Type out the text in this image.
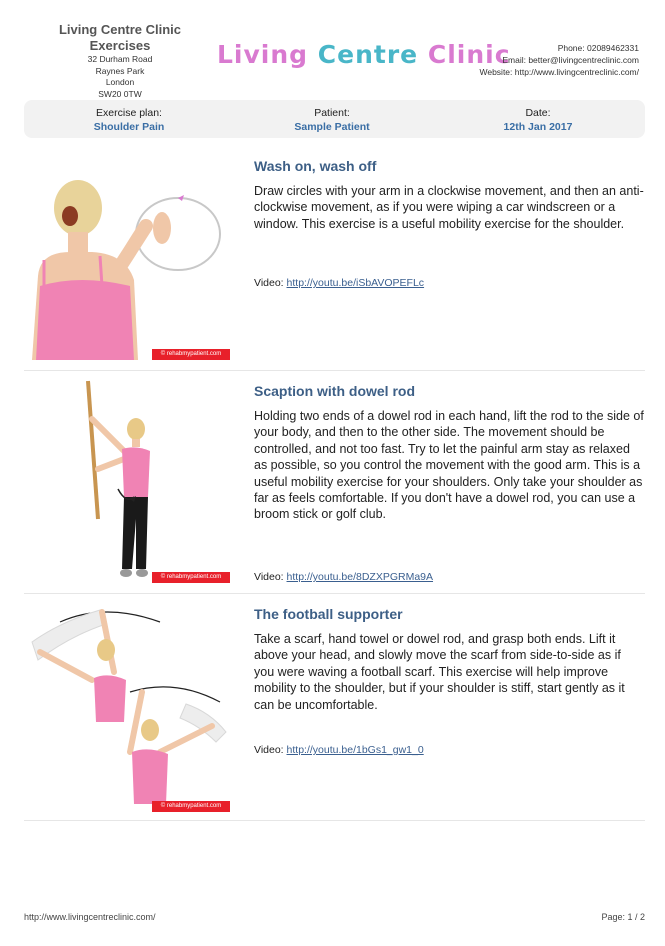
Living Centre Clinic
Exercises
32 Durham Road
Raynes Park
London
SW20 0TW
Living Centre Clinic	Phone: 02089462331
Email: better@livingcentreclinic.com
Website: http://www.livingcentreclinic.com/
Exercise plan:
Shoulder Pain
Patient:
Sample Patient
Date:
12th Jan 2017
© rehabmypatient.com
Wash on, wash off
Draw circles with your arm in a clockwise movement, and then an anti-clockwise movement, as if you were wiping a car windscreen or a window. This exercise is a useful mobility exercise for the shoulder.
Video: http://youtu.be/iSbAVOPEFLc
© rehabmypatient.com
Scaption with dowel rod
Holding two ends of a dowel rod in each hand, lift the rod to the side of your body, and then to the other side. The movement should be controlled, and not too fast. Try to let the painful arm stay as relaxed as possible, so you control the movement with the good arm. This is a useful mobility exercise for your shoulders. Only take your shoulder as far as feels comfortable. If you don't have a dowel rod, you can use a broom stick or golf club.
Video: http://youtu.be/8DZXPGRMa9A
© rehabmypatient.com
The football supporter
Take a scarf, hand towel or dowel rod, and grasp both ends. Lift it above your head, and slowly move the scarf from side-to-side as if you were waving a football scarf. This exercise will help improve mobility to the shoulder, but if your shoulder is stiff, start gently as it can be uncomfortable.
Video: http://youtu.be/1bGs1_gw1_0
http://www.livingcentreclinic.com/	Page: 1 / 2
